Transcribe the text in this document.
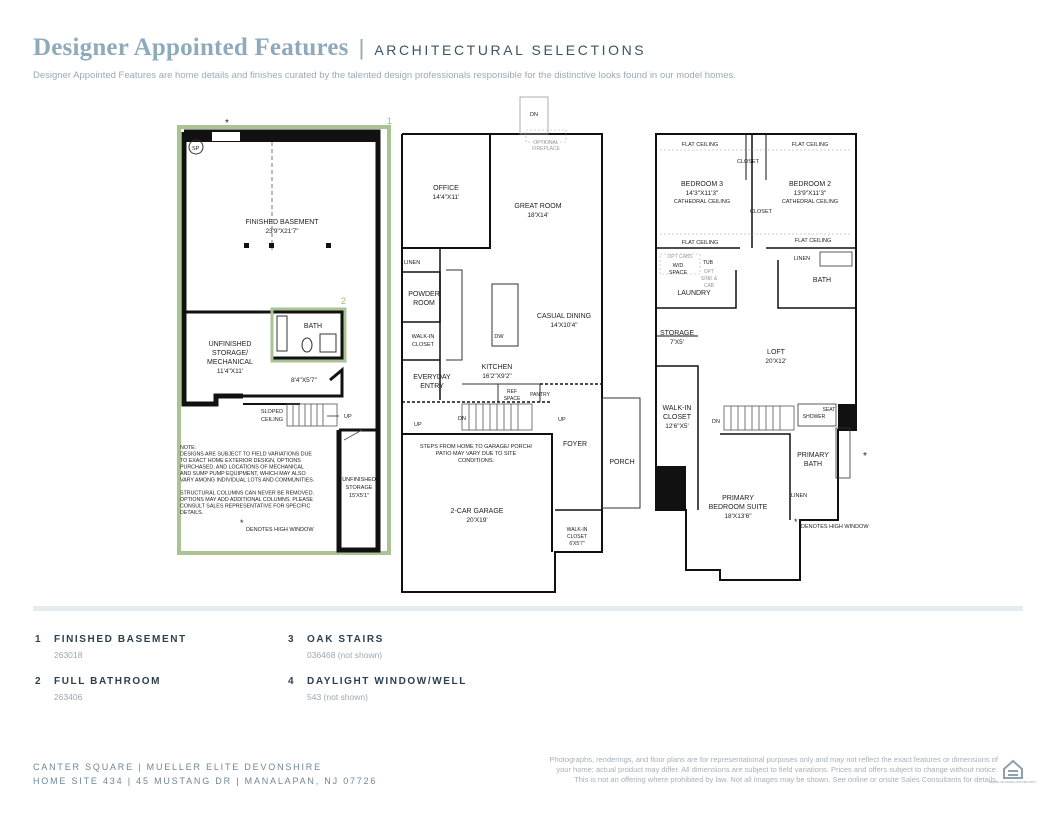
Designer Appointed Features | ARCHITECTURAL SELECTIONS
Designer Appointed Features are home details and finishes curated by the talented design professionals responsible for the distinctive looks found in our model homes.
1
2
*
SP
FINISHED BASEMENT
23'9"X21'7"
BATH
UNFINISHED
STORAGE/
MECHANICAL
11'4"X11'
8'4"X5'7"
SLOPED
CEILING	UP
NOTE:
DESIGNS ARE SUBJECT TO FIELD VARIATIONS DUE
TO EXACT HOME EXTERIOR DESIGN, OPTIONS
PURCHASED, AND LOCATIONS OF MECHANICAL
AND SUMP PUMP EQUIPMENT, WHICH MAY ALSO
VARY AMONG INDIVIDUAL LOTS AND COMMUNITIES.
STRUCTURAL COLUMNS CAN NEVER BE REMOVED.
OPTIONS MAY ADD ADDITIONAL COLUMNS. PLEASE
CONSULT SALES REPRESENTATIVE FOR SPECIFIC
DETAILS.
*
DENOTES HIGH WINDOW
UNFINISHED
STORAGE
15'X5'1"
DN
OPTIONAL
FIREPLACE
OFFICE
14'4"X11'
GREAT ROOM
18'X14'
LINEN
POWDER
ROOM
WALK-IN
CLOSET
CASUAL DINING
14'X10'4"
DW
KITCHEN
16'2"X9'2"
EVERYDAY
ENTRY
REF
SPACE
PANTRY
UP
DN	UP
STEPS FROM HOME TO GARAGE/ PORCH/
PATIO MAY VARY DUE TO SITE
CONDITIONS.
FOYER
PORCH
2-CAR GARAGE
20'X19'
WALK-IN
CLOSET
6'X5'7"
FLAT CEILING	FLAT CEILING
CLOSET
BEDROOM 3
14'3"X11'3"
CATHEDRAL CEILING
BEDROOM 2
13'9"X11'3"
CATHEDRAL CEILING
CLOSET
FLAT CEILING	FLAT CEILING
OPT CABS
W/D
SPACE
TUB
OPT
SINK &
CAB
LAUNDRY
LINEN
BATH
STORAGE
7'X5'
LOFT
20'X12'
WALK-IN
CLOSET
12'6"X5'
DN
SEAT
SHOWER
PRIMARY
BATH
*
LINEN
PRIMARY
BEDROOM SUITE
18'X13'6"
* DENOTES HIGH WINDOW
1 FINISHED BASEMENT
263018
2 FULL BATHROOM
263406
3 OAK STAIRS
036468 (not shown)
4 DAYLIGHT WINDOW/WELL
543 (not shown)
CANTER SQUARE | MUELLER ELITE DEVONSHIRE
HOME SITE 434 | 45 MUSTANG DR | MANALAPAN, NJ 07726
Photographs, renderings, and floor plans are for representational purposes only and may not reflect the exact features or dimensions of
your home; actual product may differ. All dimensions are subject to field variations. Prices and offers subject to change without notice.
This is not an offering where prohibited by law. Not all images may be shown. See online or onsite Sales Consultants for details.
EQUAL HOUSING OPPORTUNITY
